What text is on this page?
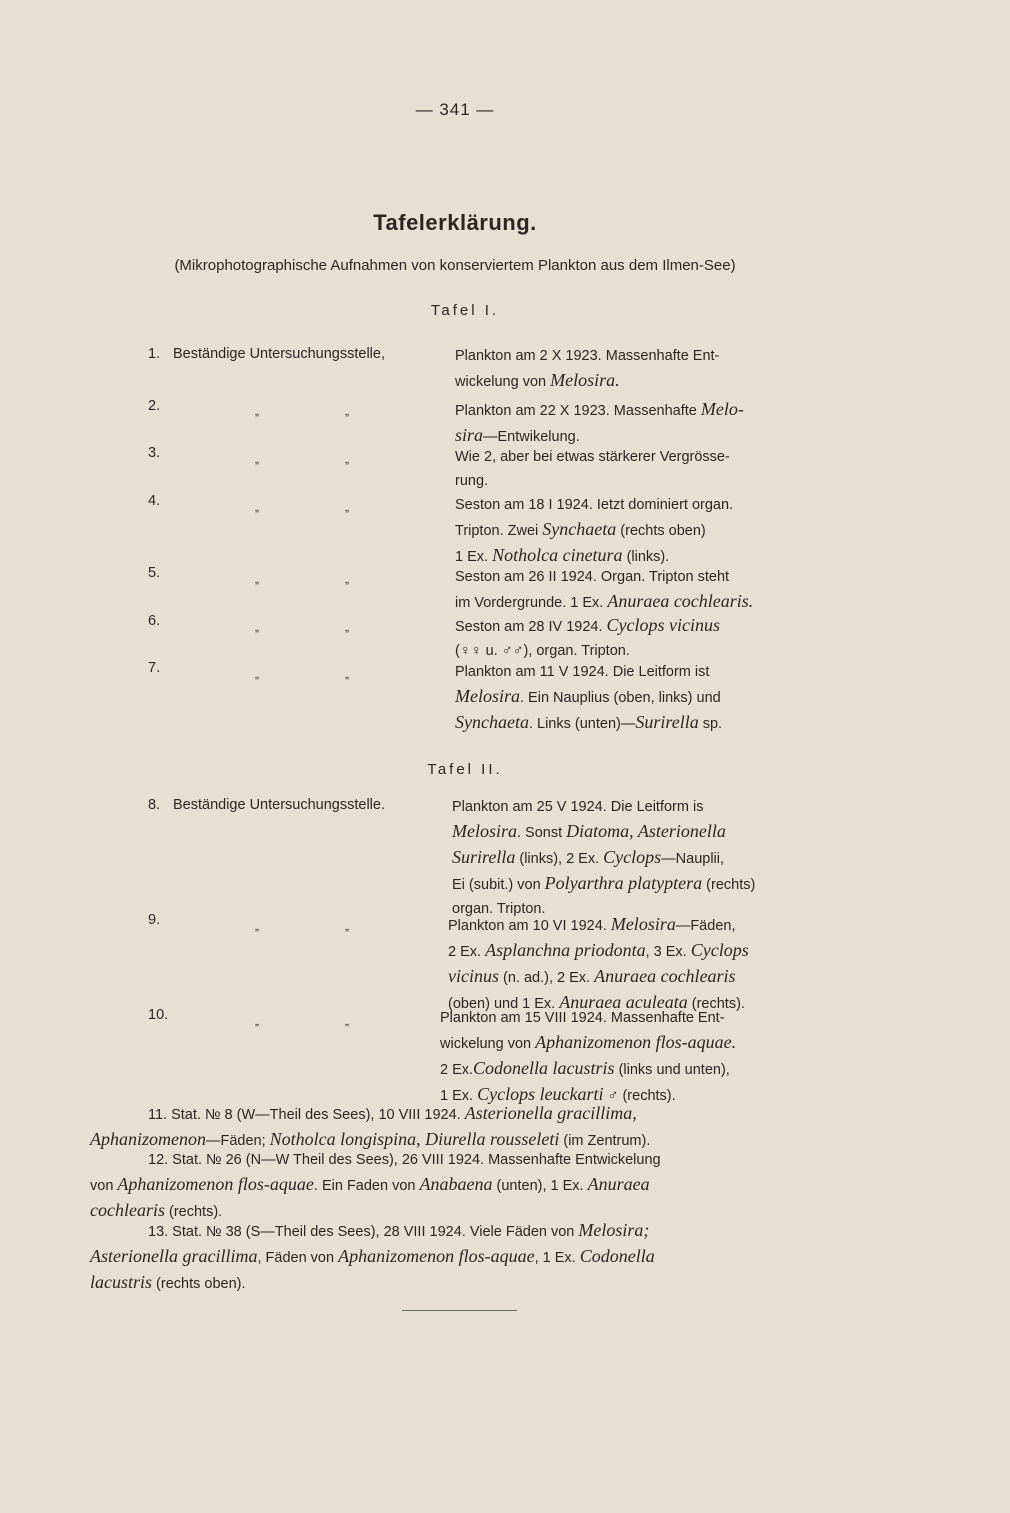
— 341 —
Tafelerklärung.
(Mikrophotographische Aufnahmen von konserviertem Plankton aus dem Ilmen-See)
Tafel I.
1. Beständige Untersuchungsstelle,	Plankton am 2 X 1923. Massenhafte Ent-
wickelung von Melosira.
2.	„	„	Plankton am 22 X 1923. Massenhafte Melo-
sira—Entwikelung.
3.	„	„	Wie 2, aber bei etwas stärkerer Vergrösse-
rung.
4.	„	„	Seston am 18 I 1924. Ietzt dominiert organ.
Tripton. Zwei Synchaeta (rechts oben)
1 Ex. Notholca cinetura (links).
5.	„	„	Seston am 26 II 1924. Organ. Tripton steht
im Vordergrunde. 1 Ex. Anuraea cochlearis.
6.	„	„	Seston am 28 IV 1924. Cyclops vicinus
(♀♀ u. ♂♂), organ. Tripton.
7.	„	„	Plankton am 11 V 1924. Die Leitform ist
Melosira. Ein Nauplius (oben, links) und
Synchaeta. Links (unten)—Surirella sp.
Tafel II.
8. Beständige Untersuchungsstelle.	Plankton am 25 V 1924. Die Leitform is
Melosira. Sonst Diatoma, Asterionella
Surirella (links), 2 Ex. Cyclops—Nauplii,
Ei (subit.) von Polyarthra platyptera (rechts)
organ. Tripton.
9.	„	„	Plankton am 10 VI 1924. Melosira—Fäden,
2 Ex. Asplanchna priodonta, 3 Ex. Cyclops
vicinus (n. ad.), 2 Ex. Anuraea cochlearis
(oben) und 1 Ex. Anuraea aculeata (rechts).
10.	„	„	Plankton am 15 VIII 1924. Massenhafte Ent-
wickelung von Aphanizomenon flos-aquae.
2 Ex.Codonella lacustris (links und unten),
1 Ex. Cyclops leuckarti ♂ (rechts).
11. Stat. № 8 (W—Theil des Sees), 10 VIII 1924. Asterionella gracillima,
Aphanizomenon—Fäden; Notholca longispina, Diurella rousseleti (im Zentrum).
12. Stat. № 26 (N—W Theil des Sees), 26 VIII 1924. Massenhafte Entwickelung
von Aphanizomenon flos-aquae. Ein Faden von Anabaena (unten), 1 Ex. Anuraea
cochlearis (rechts).
13. Stat. № 38 (S—Theil des Sees), 28 VIII 1924. Viele Fäden von Melosira;
Asterionella gracillima, Fäden von Aphanizomenon flos-aquae, 1 Ex. Codonella
lacustris (rechts oben).
